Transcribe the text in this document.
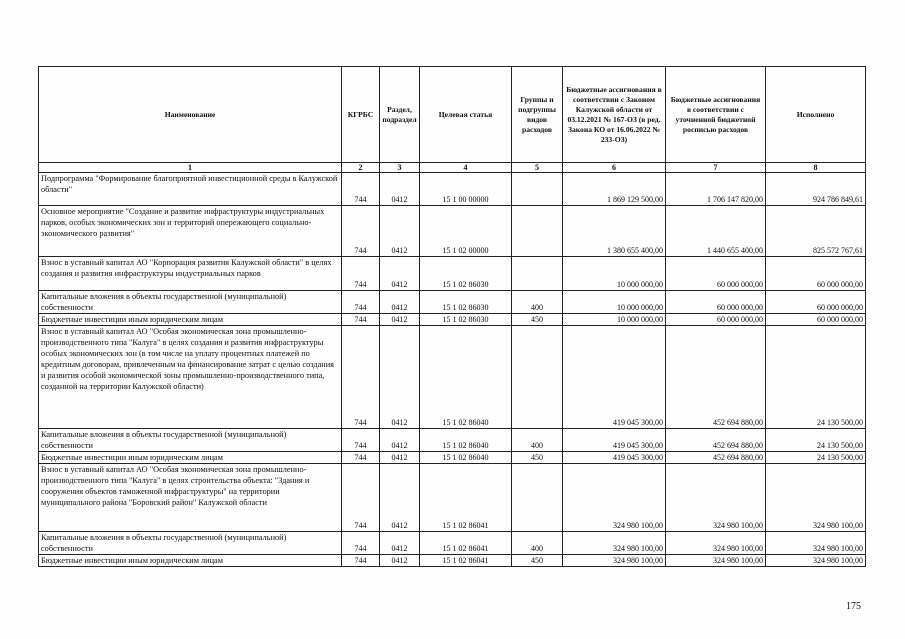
Наименование	КГРБС	Раздел, подраздел	Целевая статья	Группы и подгруппы видов расходов	Бюджетные ассигнования в соответствии с Законом Калужской области от 03.12.2021 № 167-ОЗ (в ред. Закона КО от 16.06.2022 № 233-ОЗ)	Бюджетные ассигнования в соответствии с уточненной бюджетной росписью расходов	Исполнено
1	2	3	4	5	6	7	8
Подпрограмма "Формирование благоприятной инвестиционной среды в Калужской области"	744	0412	15 1 00 00000		1 869 129 500,00	1 706 147 820,00	924 786 849,61
Основное мероприятие "Создание и развитие инфраструктуры индустриальных парков, особых экономических зон и территорий опережающего социально-экономического развития"	744	0412	15 1 02 00000		1 380 655 400,00	1 440 655 400,00	825 572 767,61
Взнос в уставный капитал АО "Корпорация развития Калужской области" в целях создания и развития инфраструктуры индустриальных парков	744	0412	15 1 02 86030		10 000 000,00	60 000 000,00	60 000 000,00
Капитальные вложения в объекты государственной (муниципальной) собственности	744	0412	15 1 02 86030	400	10 000 000,00	60 000 000,00	60 000 000,00
Бюджетные инвестиции иным юридическим лицам	744	0412	15 1 02 86030	450	10 000 000,00	60 000 000,00	60 000 000,00
Взнос в уставный капитал АО "Особая экономическая зона промышленно-производственного типа "Калуга" в целях создания и развития инфраструктуры особых экономических зон (в том числе на уплату процентных платежей по кредитным договорам, привлеченным на финансирование затрат с целью создания и развития особой экономической зоны промышленно-производственного типа, созданной на территории Калужской области)	744	0412	15 1 02 86040		419 045 300,00	452 694 880,00	24 130 500,00
Капитальные вложения в объекты государственной (муниципальной) собственности	744	0412	15 1 02 86040	400	419 045 300,00	452 694 880,00	24 130 500,00
Бюджетные инвестиции иным юридическим лицам	744	0412	15 1 02 86040	450	419 045 300,00	452 694 880,00	24 130 500,00
Взнос в уставный капитал АО "Особая экономическая зона промышленно-производственного типа "Калуга" в целях строительства объекта: "Здания и сооружения объектов таможенной инфраструктуры" на территории муниципального района "Боровский район" Калужской области	744	0412	15 1 02 86041		324 980 100,00	324 980 100,00	324 980 100,00
Капитальные вложения в объекты государственной (муниципальной) собственности	744	0412	15 1 02 86041	400	324 980 100,00	324 980 100,00	324 980 100,00
Бюджетные инвестиции иным юридическим лицам	744	0412	15 1 02 86041	450	324 980 100,00	324 980 100,00	324 980 100,00
175
